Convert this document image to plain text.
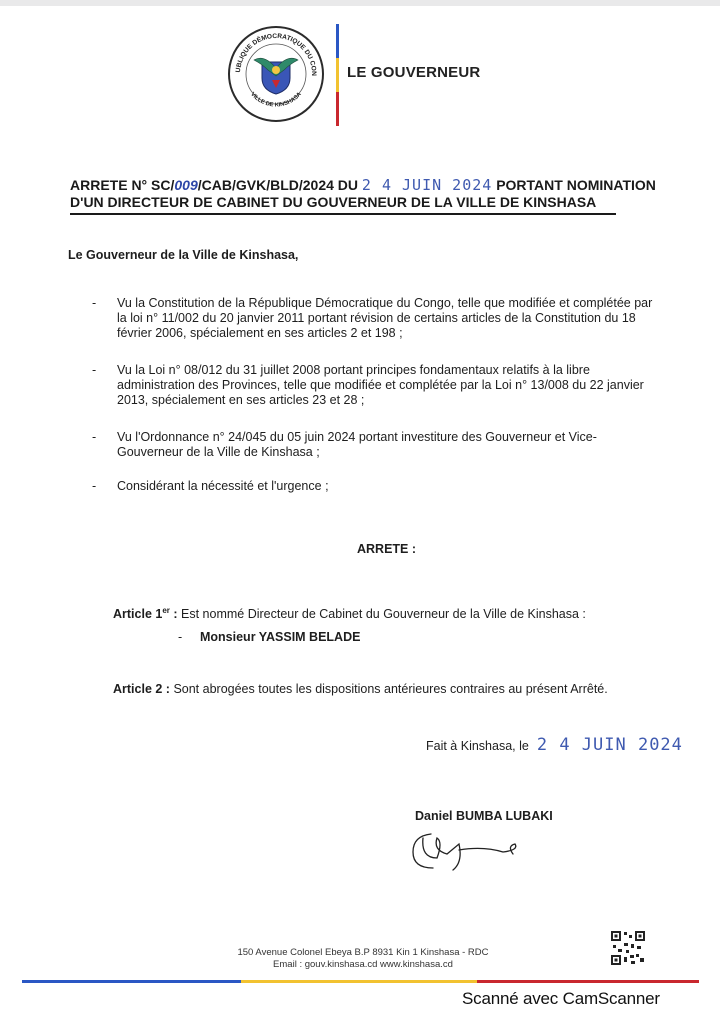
UBLIQUE DÉMOCRATIQUE DU CON
VILLE DE KINSHASA
LE GOUVERNEUR
ARRETE N° SC/009/CAB/GVK/BLD/2024 DU 2 4 JUIN 2024 PORTANT NOMINATION
D'UN DIRECTEUR DE CABINET DU GOUVERNEUR DE LA VILLE DE KINSHASA
Le Gouverneur de la Ville de Kinshasa,
- Vu la Constitution de la République Démocratique du Congo, telle que modifiée et complétée par la loi n° 11/002 du 20 janvier 2011 portant révision de certains articles de la Constitution du 18 février 2006, spécialement en ses articles 2 et 198 ;
- Vu la Loi n° 08/012 du 31 juillet 2008 portant principes fondamentaux relatifs à la libre administration des Provinces, telle que modifiée et complétée par la Loi n° 13/008 du 22 janvier 2013, spécialement en ses articles 23 et 28 ;
- Vu l'Ordonnance n° 24/045 du 05 juin 2024 portant investiture des Gouverneur et Vice-Gouverneur de la Ville de Kinshasa ;
- Considérant la nécessité et l'urgence ;
ARRETE :
Article 1er : Est nommé Directeur de Cabinet du Gouverneur de la Ville de Kinshasa :
- Monsieur YASSIM BELADE
Article 2 : Sont abrogées toutes les dispositions antérieures contraires au présent Arrêté.
Fait à Kinshasa, le 2 4 JUIN 2024
Daniel BUMBA LUBAKI
150 Avenue Colonel Ebeya B.P 8931 Kin 1 Kinshasa - RDC
Email : gouv.kinshasa.cd www.kinshasa.cd
Scanné avec CamScanner
